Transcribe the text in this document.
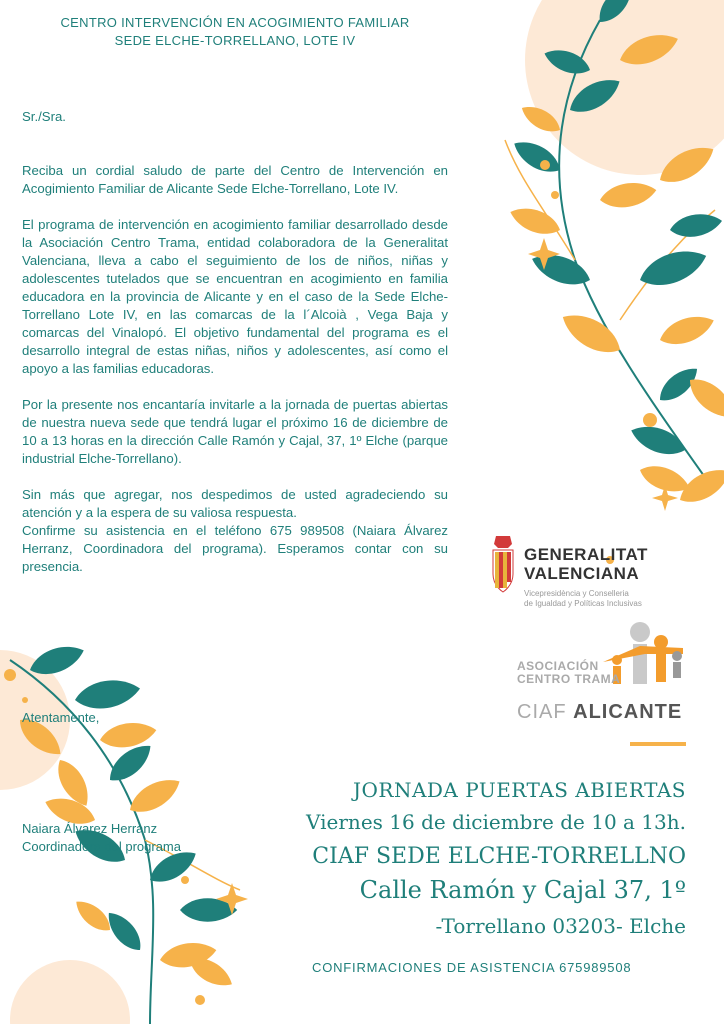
CENTRO INTERVENCIÓN EN ACOGIMIENTO FAMILIAR
SEDE ELCHE-TORRELLANO, LOTE IV

Sr./Sra.

Reciba un cordial saludo de parte del Centro de Intervención en Acogimiento Familiar de Alicante Sede Elche-Torrellano, Lote IV.

El programa de intervención en acogimiento familiar desarrollado desde la Asociación Centro Trama, entidad colaboradora de la Generalitat Valenciana, lleva a cabo el seguimiento de los de niños, niñas y adolescentes tutelados que se encuentran en acogimiento en familia educadora en la provincia de Alicante y en el caso de la Sede Elche-Torrellano Lote IV, en las comarcas de la l´Alcoià , Vega Baja y comarcas del Vinalopó. El objetivo fundamental del programa es el desarrollo integral de estas niñas, niños y adolescentes, así como el apoyo a las familias educadoras.

Por la presente nos encantaría invitarle a la jornada de puertas abiertas de nuestra nueva sede que tendrá lugar el próximo 16 de diciembre de 10 a 13 horas en la dirección Calle Ramón y Cajal, 37, 1º Elche (parque industrial Elche-Torrellano).

Sin más que agregar, nos despedimos de usted agradeciendo su atención y a la espera de su valiosa respuesta.

Confirme su asistencia en el teléfono 675 989508 (Naiara Álvarez Herranz, Coordinadora del programa). Esperamos contar con su presencia.

Atentamente,
Naiara Álvarez Herranz
Coordinadora del programa
GENERALITAT
VALENCIANA
Vicepresidència y Conselleria
de Igualdad y Políticas Inclusivas
ASOCIACIÓN
CENTRO TRAMA
CIAF ALICANTE
JORNADA PUERTAS ABIERTAS
Viernes 16 de diciembre de 10 a 13h.
CIAF SEDE ELCHE-TORRELLNO
Calle Ramón y Cajal 37, 1º
-Torrellano 03203- Elche
CONFIRMACIONES DE ASISTENCIA 675989508
